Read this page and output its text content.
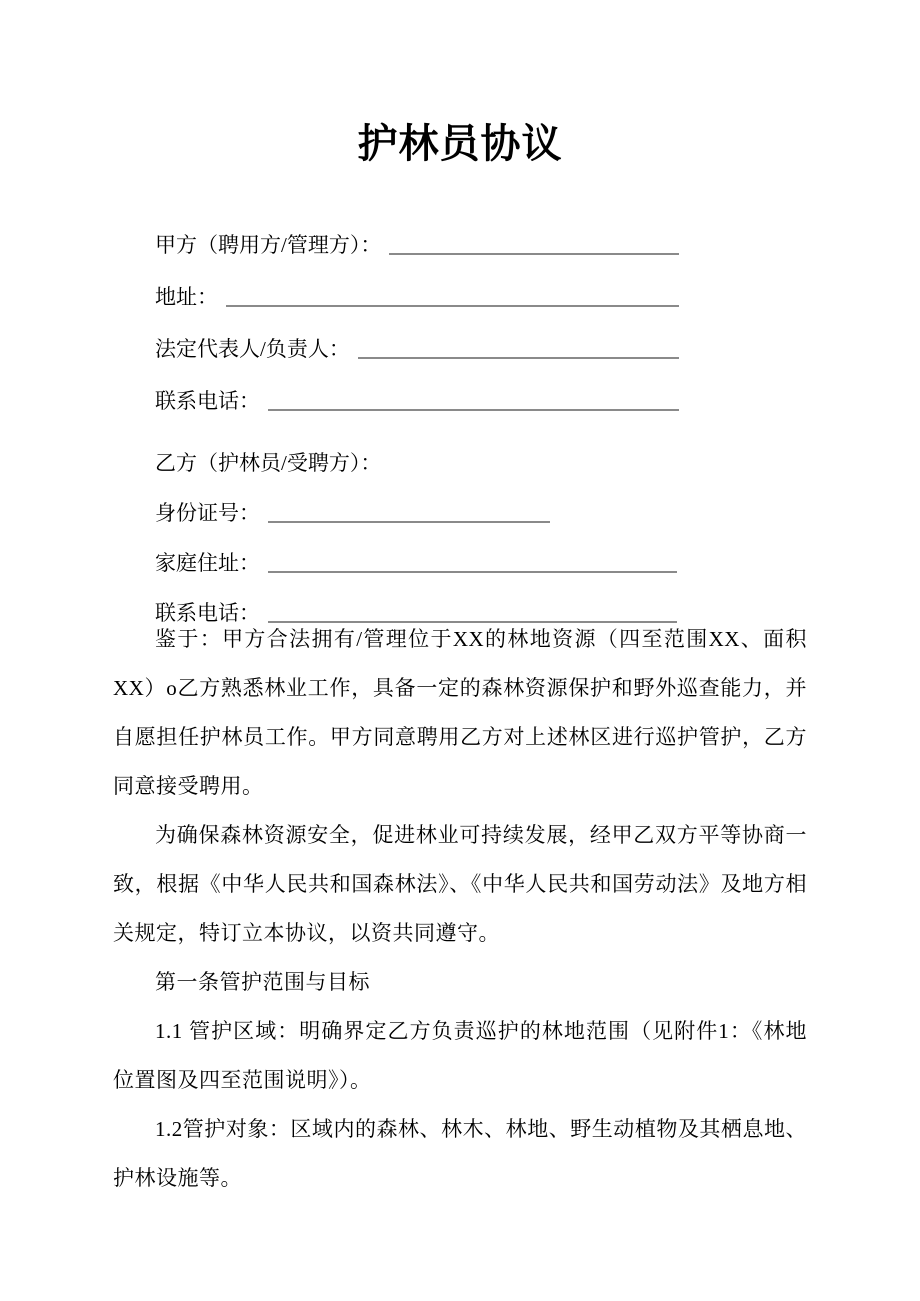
护林员协议
甲方（聘用方/管理方）：
地址：
法定代表人/负责人：
联系电话：
乙方（护林员/受聘方）：
身份证号：
家庭住址：
联系电话：

鉴于：甲方合法拥有/管理位于XX的林地资源（四至范围XX、面积XX）o乙方熟悉林业工作，具备一定的森林资源保护和野外巡查能力，并自愿担任护林员工作。甲方同意聘用乙方对上述林区进行巡护管护，乙方同意接受聘用。

为确保森林资源安全，促进林业可持续发展，经甲乙双方平等协商一致，根据《中华人民共和国森林法》、《中华人民共和国劳动法》及地方相关规定，特订立本协议，以资共同遵守。

第一条管护范围与目标

1.1 管护区域：明确界定乙方负责巡护的林地范围（见附件1：《林地位置图及四至范围说明》）。

1.2管护对象：区域内的森林、林木、林地、野生动植物及其栖息地、护林设施等。
